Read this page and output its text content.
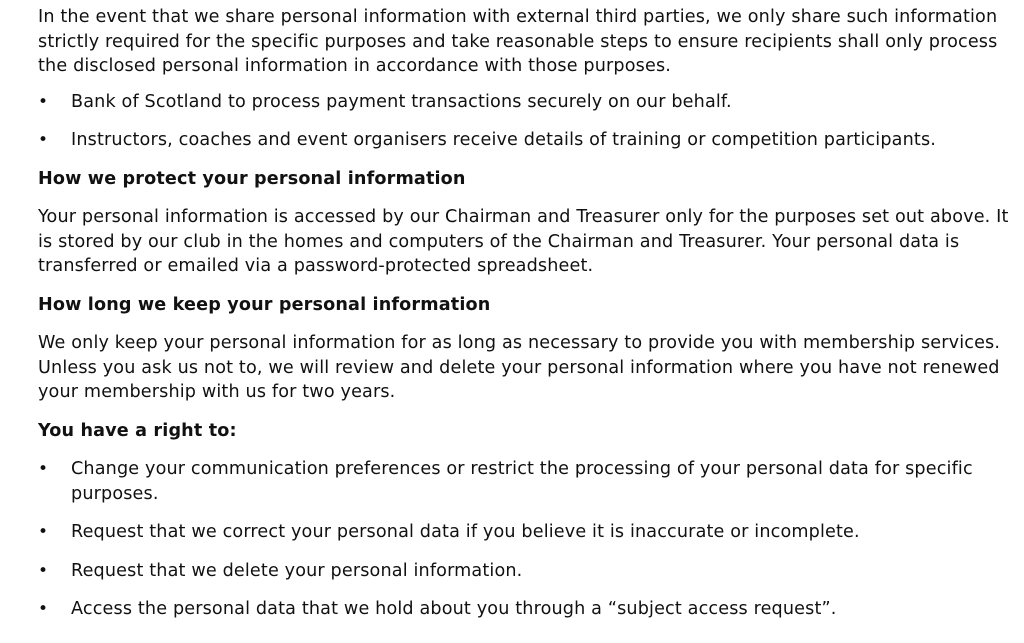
In the event that we share personal information with external third parties, we only share such information strictly required for the specific purposes and take reasonable steps to ensure recipients shall only process the disclosed personal information in accordance with those purposes.

• Bank of Scotland to process payment transactions securely on our behalf.
• Instructors, coaches and event organisers receive details of training or competition participants.
How we protect your personal information

Your personal information is accessed by our Chairman and Treasurer only for the purposes set out above. It is stored by our club in the homes and computers of the Chairman and Treasurer. Your personal data is transferred or emailed via a password-protected spreadsheet.

How long we keep your personal information

We only keep your personal information for as long as necessary to provide you with membership services. Unless you ask us not to, we will review and delete your personal information where you have not renewed your membership with us for two years.

You have a right to:
• Change your communication preferences or restrict the processing of your personal data for specific purposes.
• Request that we correct your personal data if you believe it is inaccurate or incomplete.
• Request that we delete your personal information.
• Access the personal data that we hold about you through a “subject access request”.
